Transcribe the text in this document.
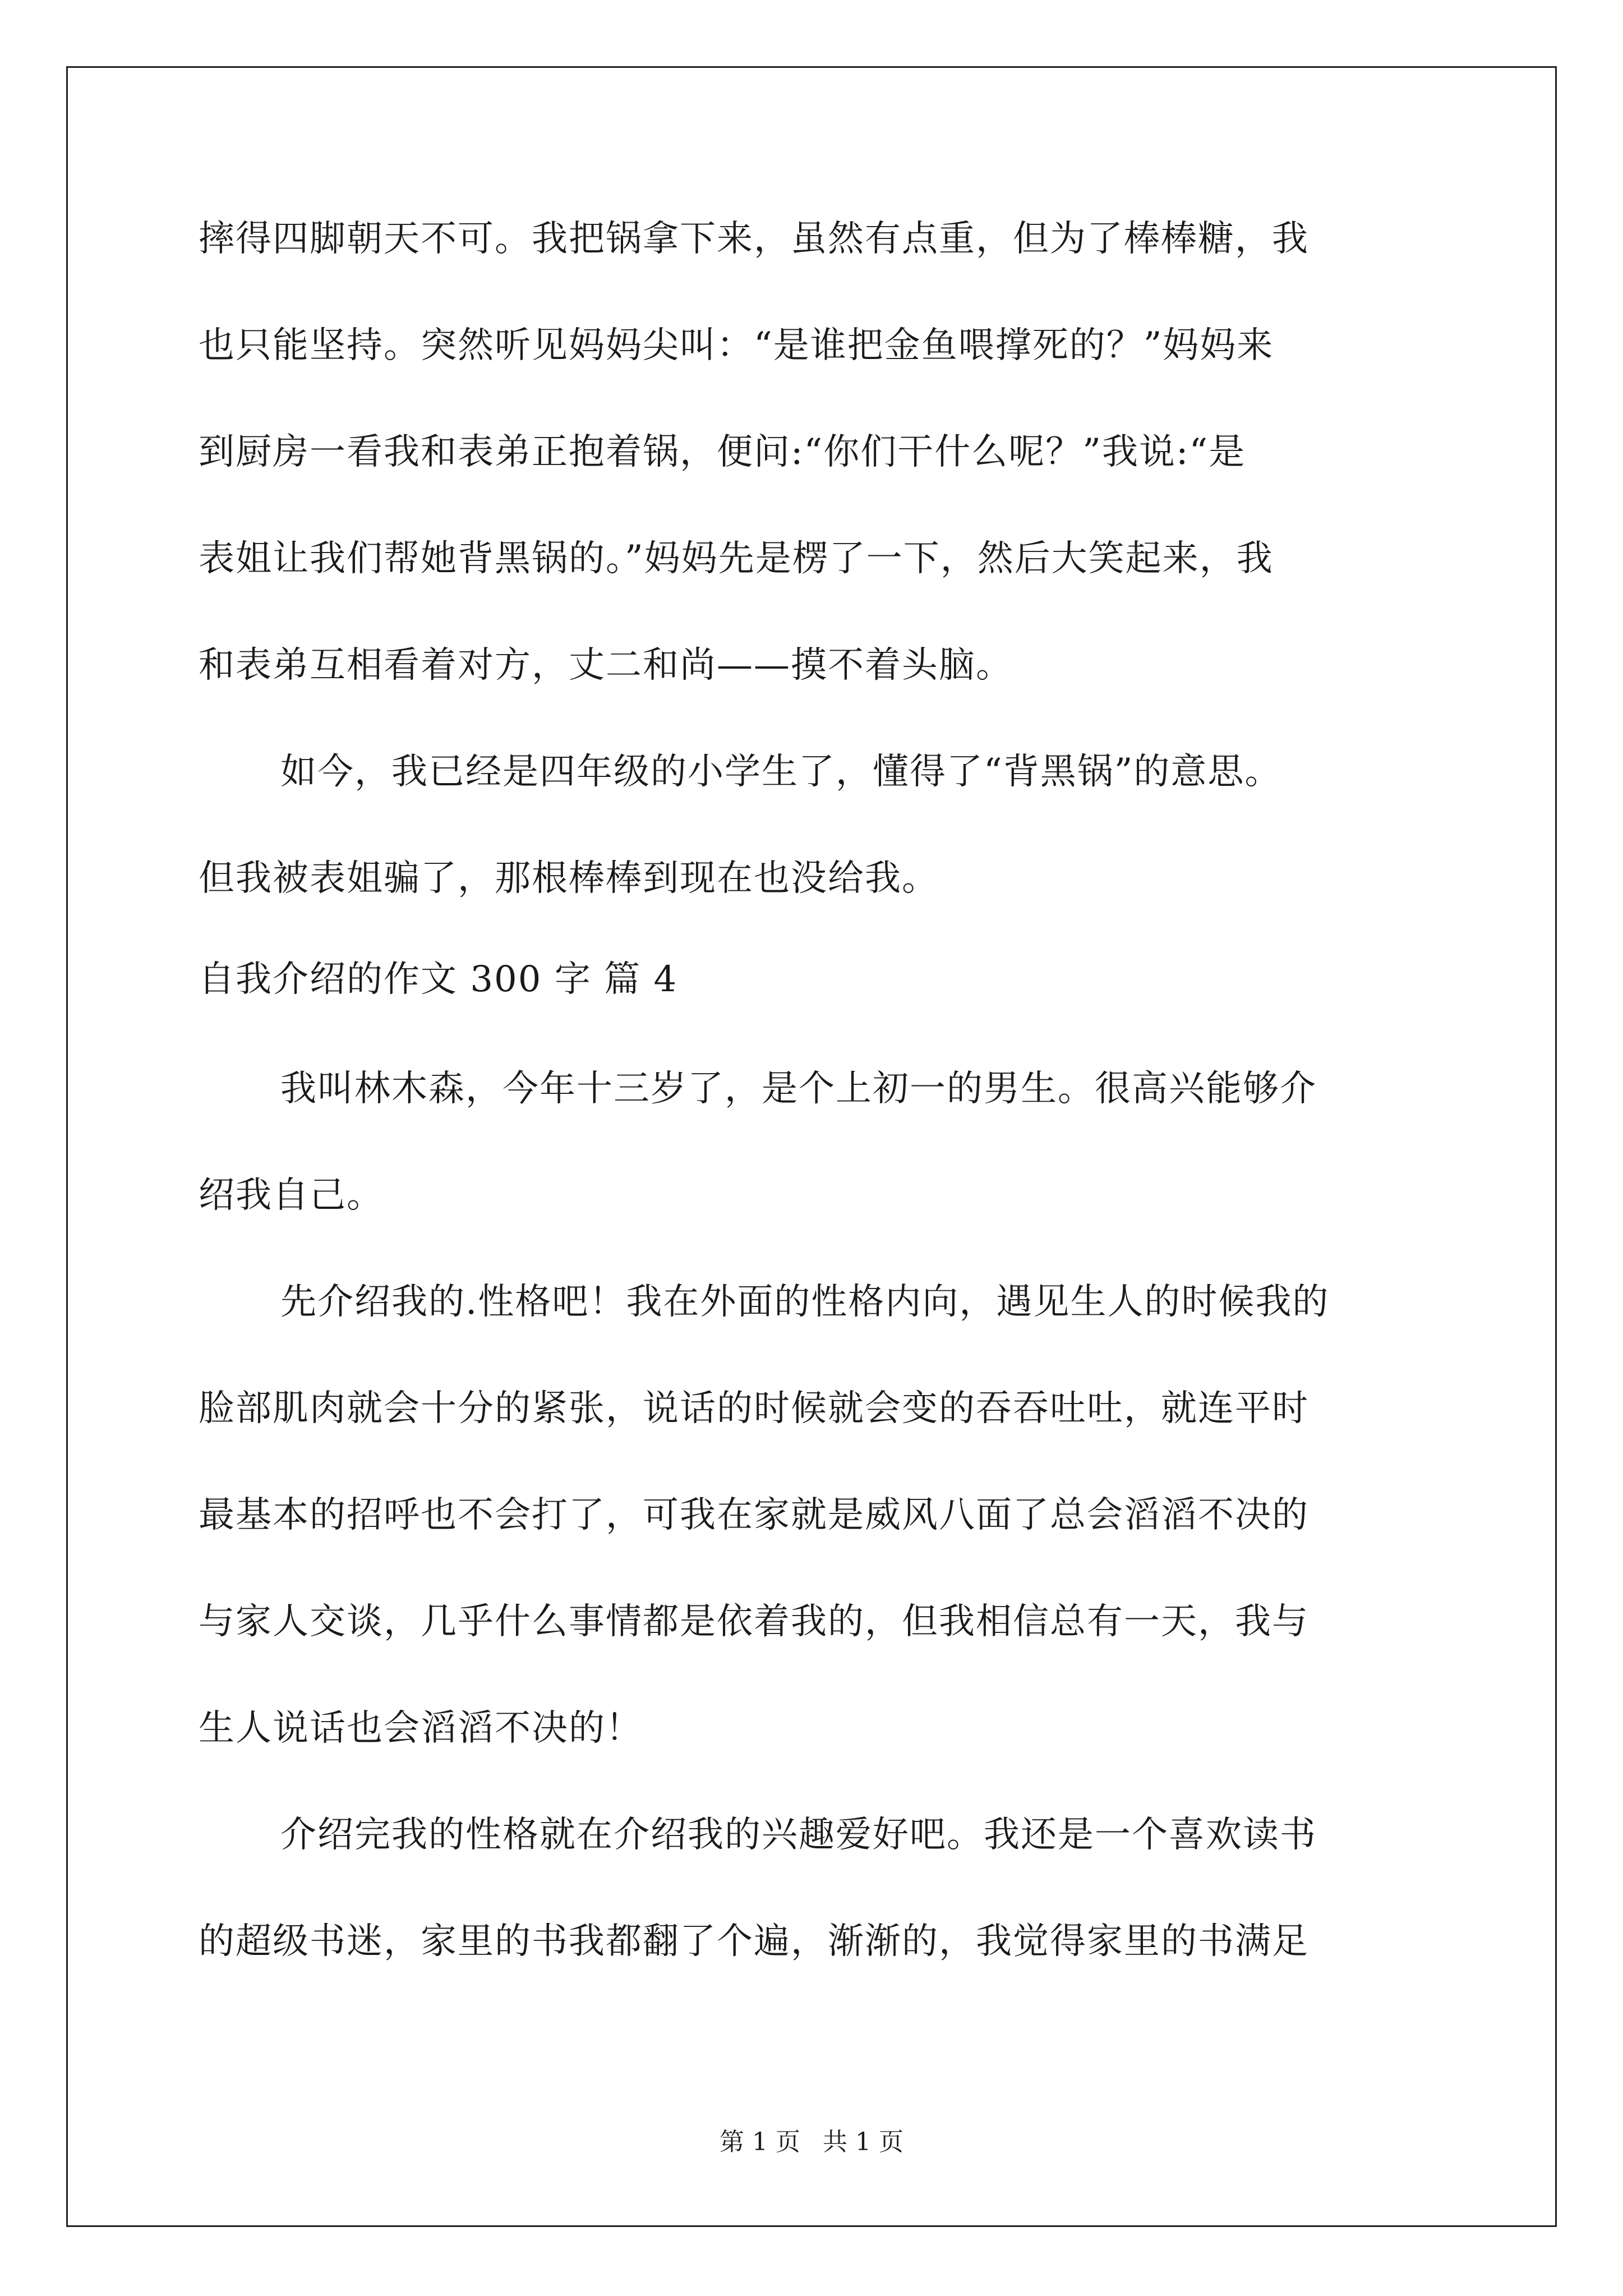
摔得四脚朝天不可。我把锅拿下来，虽然有点重，但为了棒棒糖，我
也只能坚持。突然听见妈妈尖叫：“是谁把金鱼喂撑死的？”妈妈来
到厨房一看我和表弟正抱着锅，便问:“你们干什么呢？”我说:“是
表姐让我们帮她背黑锅的。”妈妈先是楞了一下，然后大笑起来，我
和表弟互相看着对方，丈二和尚——摸不着头脑。
如今，我已经是四年级的小学生了，懂得了“背黑锅”的意思。
但我被表姐骗了，那根棒棒到现在也没给我。
自我介绍的作文 300 字 篇 4
我叫林木森，今年十三岁了，是个上初一的男生。很高兴能够介
绍我自己。
先介绍我的.性格吧！我在外面的性格内向，遇见生人的时候我的
脸部肌肉就会十分的紧张，说话的时候就会变的吞吞吐吐，就连平时
最基本的招呼也不会打了，可我在家就是威风八面了总会滔滔不决的
与家人交谈，几乎什么事情都是依着我的，但我相信总有一天，我与
生人说话也会滔滔不决的！
介绍完我的性格就在介绍我的兴趣爱好吧。我还是一个喜欢读书
的超级书迷，家里的书我都翻了个遍，渐渐的，我觉得家里的书满足
第 1 页 共 1 页
